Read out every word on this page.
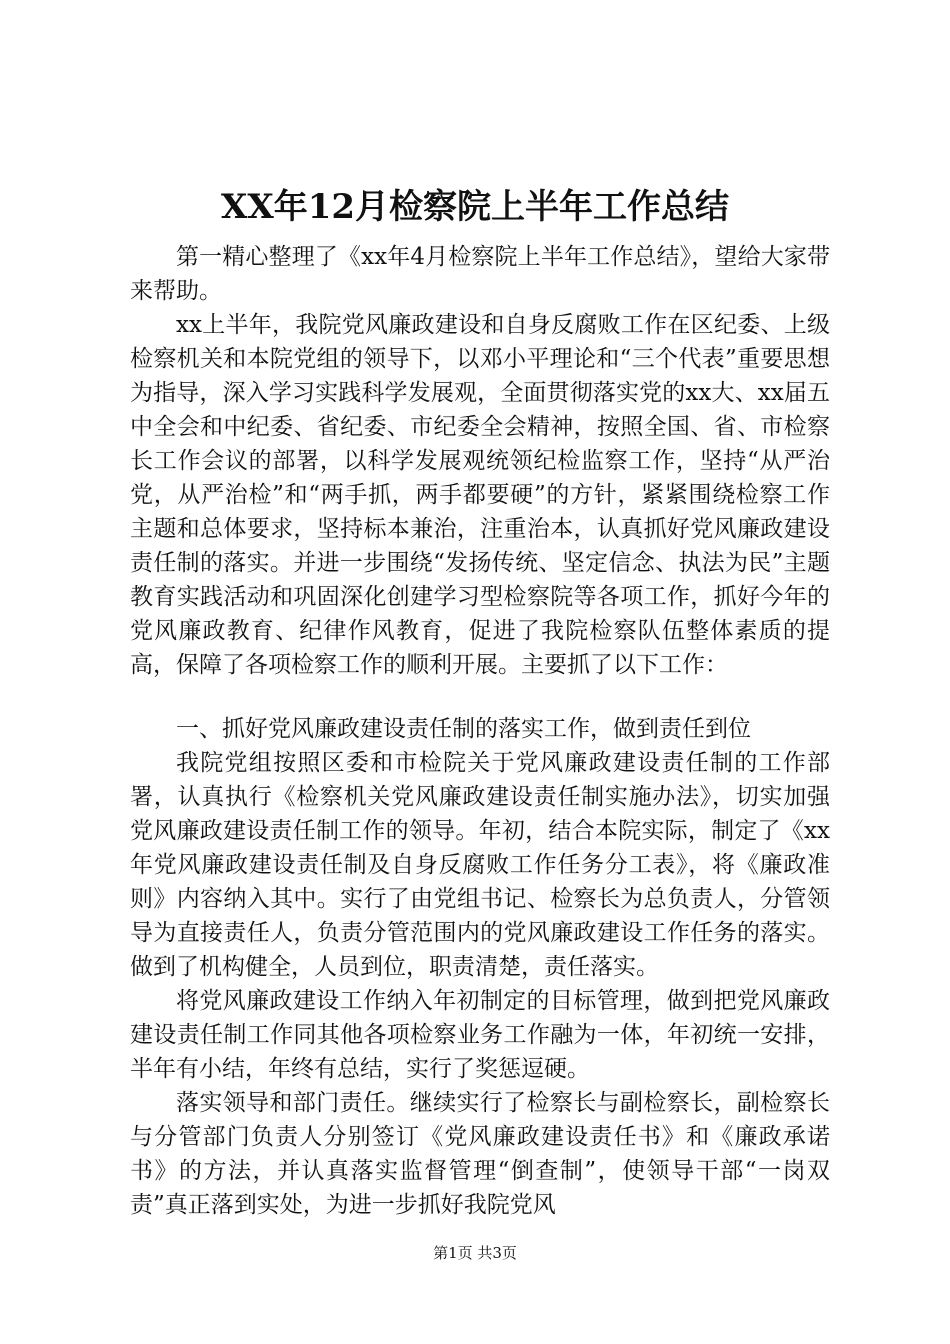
XX年12月检察院上半年工作总结

第一精心整理了《xx年4月检察院上半年工作总结》，望给大家带来帮助。

xx上半年，我院党风廉政建设和自身反腐败工作在区纪委、上级检察机关和本院党组的领导下，以邓小平理论和“三个代表”重要思想为指导，深入学习实践科学发展观，全面贯彻落实党的xx大、xx届五中全会和中纪委、省纪委、市纪委全会精神，按照全国、省、市检察长工作会议的部署，以科学发展观统领纪检监察工作，坚持“从严治党，从严治检”和“两手抓，两手都要硬”的方针，紧紧围绕检察工作主题和总体要求，坚持标本兼治，注重治本，认真抓好党风廉政建设责任制的落实。并进一步围绕“发扬传统、坚定信念、执法为民”主题教育实践活动和巩固深化创建学习型检察院等各项工作，抓好今年的党风廉政教育、纪律作风教育，促进了我院检察队伍整体素质的提高，保障了各项检察工作的顺利开展。主要抓了以下工作：

一、抓好党风廉政建设责任制的落实工作，做到责任到位

我院党组按照区委和市检院关于党风廉政建设责任制的工作部署，认真执行《检察机关党风廉政建设责任制实施办法》，切实加强党风廉政建设责任制工作的领导。年初，结合本院实际，制定了《xx年党风廉政建设责任制及自身反腐败工作任务分工表》，将《廉政准则》内容纳入其中。实行了由党组书记、检察长为总负责人，分管领导为直接责任人，负责分管范围内的党风廉政建设工作任务的落实。做到了机构健全，人员到位，职责清楚，责任落实。

将党风廉政建设工作纳入年初制定的目标管理，做到把党风廉政建设责任制工作同其他各项检察业务工作融为一体，年初统一安排，半年有小结，年终有总结，实行了奖惩逗硬。

落实领导和部门责任。继续实行了检察长与副检察长，副检察长与分管部门负责人分别签订《党风廉政建设责任书》和《廉政承诺书》的方法，并认真落实监督管理“倒查制”，使领导干部“一岗双责”真正落到实处，为进一步抓好我院党风

第1页 共3页
